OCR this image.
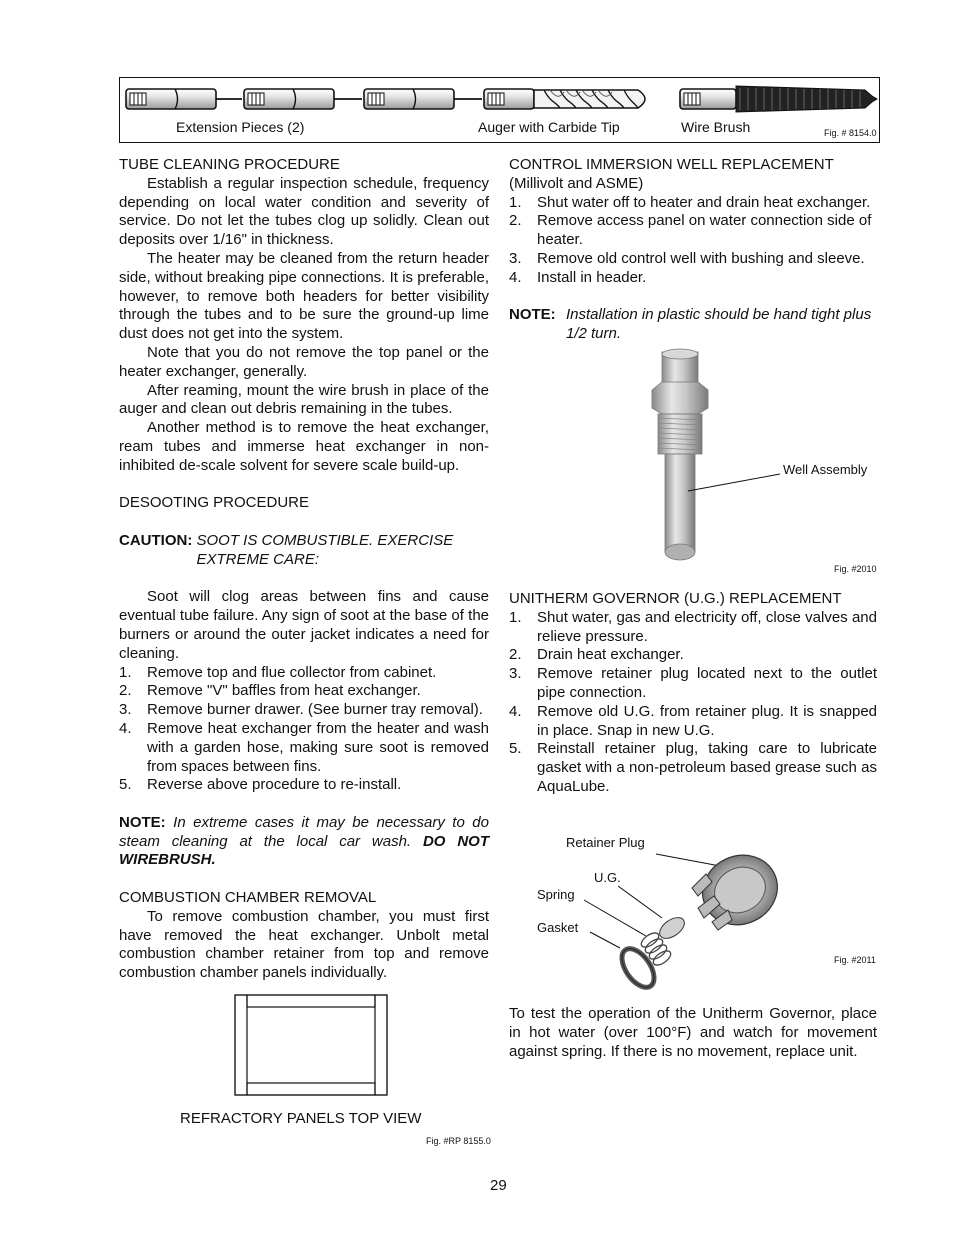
Extension Pieces (2)	Auger with Carbide Tip	Wire Brush	Fig. # 8154.0

TUBE CLEANING PROCEDURE

Establish a regular inspection schedule, frequency depending on local water condition and severity of service. Do not let the tubes clog up solidly. Clean out deposits over 1/16" in thickness.

The heater may be cleaned from the return header side, without breaking pipe connections. It is preferable, however, to remove both headers for better visibility through the tubes and to be sure the ground-up lime dust does not get into the system.

Note that you do not remove the top panel or the heater exchanger, generally.

After reaming, mount the wire brush in place of the auger and clean out debris remaining in the tubes.

Another method is to remove the heat exchanger, ream tubes and immerse heat exchanger in non-inhibited de-scale solvent for severe scale build-up.

DESOOTING PROCEDURE

CAUTION:
SOOT IS COMBUSTIBLE. EXERCISE EXTREME CARE:

Soot will clog areas between fins and cause eventual tube failure. Any sign of soot at the base of the burners or around the outer jacket indicates a need for cleaning.

1.	Remove top and flue collector from cabinet.
2.	Remove "V" baffles from heat exchanger.
3.	Remove burner drawer. (See burner tray removal).
4.	Remove heat exchanger from the heater and wash with a garden hose, making sure soot is removed from spaces between fins.
5.	Reverse above procedure to re-install.

NOTE: In extreme cases it may be necessary to do steam cleaning at the local car wash. DO NOT WIREBRUSH.

COMBUSTION CHAMBER REMOVAL

To remove combustion chamber, you must first have removed the heat exchanger. Unbolt metal combustion chamber retainer from top and remove combustion chamber panels individually.

REFRACTORY PANELS TOP VIEW
Fig. #RP 8155.0

CONTROL IMMERSION WELL REPLACEMENT

(Millivolt and ASME)

1.	Shut water off to heater and drain heat exchanger.
2.	Remove access panel on water connection side of heater.
3.	Remove old control well with bushing and sleeve.
4.	Install in header.
NOTE: Installation in plastic should be hand tight plus 1/2 turn.
Well Assembly
Fig. #2010

UNITHERM GOVERNOR (U.G.) REPLACEMENT

1.	Shut water, gas and electricity off, close valves and relieve pressure.
2.	Drain heat exchanger.
3.	Remove retainer plug located next to the outlet pipe connection.
4.	Remove old U.G. from retainer plug. It is snapped in place. Snap in new U.G.
5.	Reinstall retainer plug, taking care to lubricate gasket with a non-petroleum based grease such as AquaLube.
Retainer Plug
U.G.
Spring
Gasket
Fig. #2011

To test the operation of the Unitherm Governor, place in hot water (over 100°F) and watch for movement against spring. If there is no movement, replace unit.

29
